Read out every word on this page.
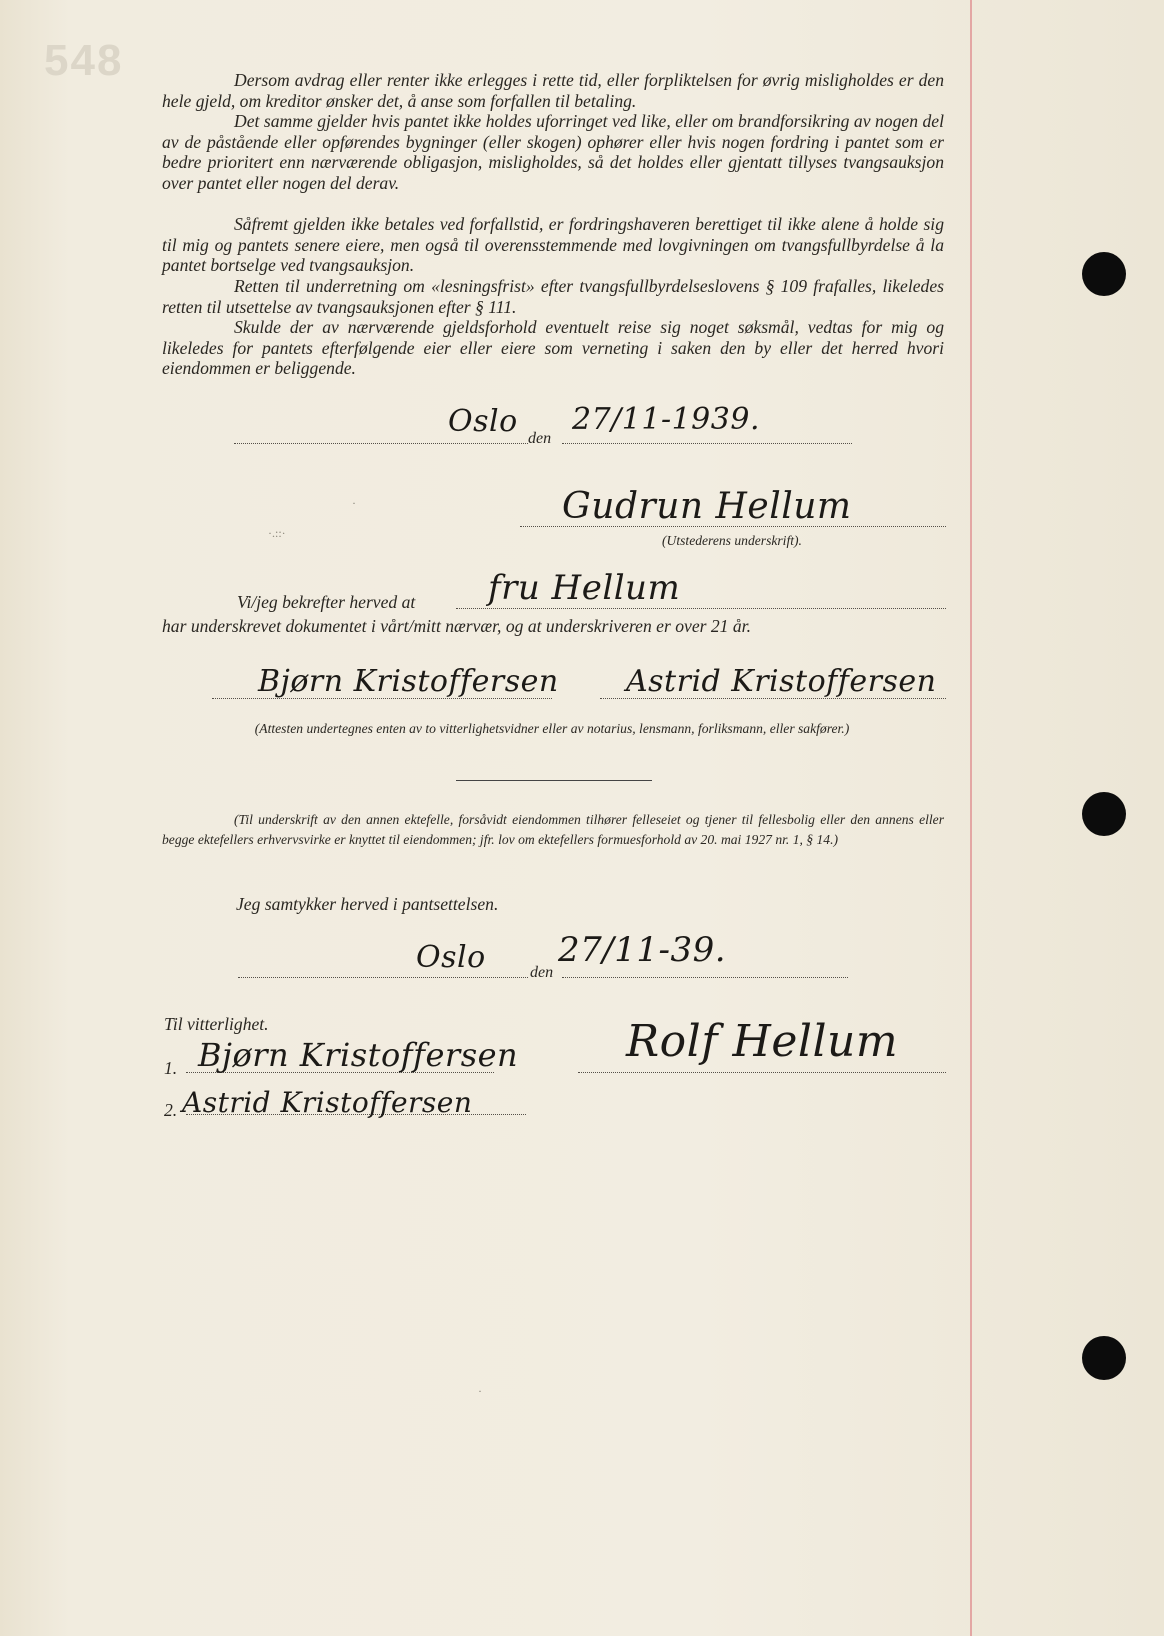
548	Dersom avdrag eller renter ikke erlegges i rette tid, eller forpliktelsen for øvrig misligholdes er den hele gjeld, om kreditor ønsker det, å anse som forfallen til betaling.

Det samme gjelder hvis pantet ikke holdes uforringet ved like, eller om brandforsikring av nogen del av de påstående eller opførendes bygninger (eller skogen) ophører eller hvis nogen fordring i pantet som er bedre prioritert enn nærværende obligasjon, misligholdes, så det holdes eller gjentatt tillyses tvangsauksjon over pantet eller nogen del derav.

Såfremt gjelden ikke betales ved forfallstid, er fordringshaveren berettiget til ikke alene å holde sig til mig og pantets senere eiere, men også til overensstemmende med lovgivningen om tvangsfullbyrdelse å la pantet bortselge ved tvangsauksjon.

Retten til underretning om «lesningsfrist» efter tvangsfullbyrdelseslovens § 109 frafalles, likeledes retten til utsettelse av tvangsauksjonen efter § 111.

Skulde der av nærværende gjeldsforhold eventuelt reise sig noget søksmål, vedtas for mig og likeledes for pantets efterfølgende eier eller eiere som verneting i saken den by eller det herred hvori eiendommen er beliggende.

Oslo den
27/11-1939.
·.::·
·	Gudrun Hellum
(Utstederens underskrift).
Vi/jeg bekrefter herved at fru Hellum
har underskrevet dokumentet i vårt/mitt nærvær, og at underskriveren er over 21 år.
Bjørn Kristoffersen Astrid Kristoffersen

(Attesten undertegnes enten av to vitterlighetsvidner eller av notarius, lensmann, forliksmann, eller sakfører.)

(Til underskrift av den annen ektefelle, forsåvidt eiendommen tilhører felleseiet og tjener til fellesbolig eller den annens eller begge ektefellers erhvervsvirke er knyttet til eiendommen; jfr. lov om ektefellers formuesforhold av 20. mai 1927 nr. 1, § 14.)

Jeg samtykker herved i pantsettelsen.
Oslo	den
27/11-39.
Til vitterlighet.
1. Bjørn Kristoffersen
2. Astrid Kristoffersen
Rolf Hellum
·
